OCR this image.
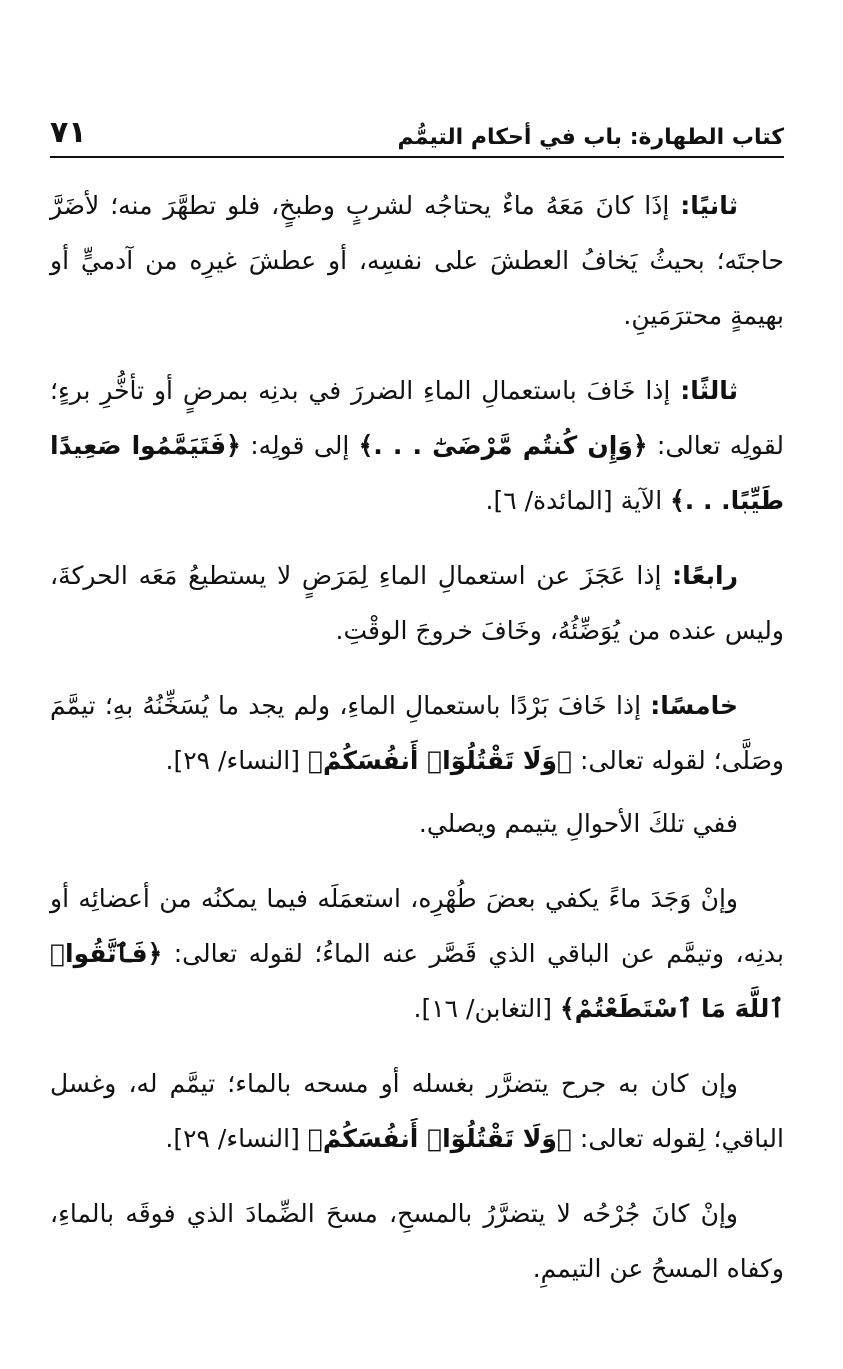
كتاب الطهارة: باب في أحكام التيمُّم
٧١

ثانيًا: إذَا كانَ مَعَهُ ماءٌ يحتاجُه لشربٍ وطبخٍ، فلو تطهَّرَ منه؛ لأضَرَّ حاجتَه؛ بحيثُ يَخافُ العطشَ على نفسِه، أو عطشَ غيرِه من آدميٍّ أو بهيمةٍ محترَمَينِ.

ثالثًا: إذا خَافَ باستعمالِ الماءِ الضررَ في بدنِه بمرضٍ أو تأخُّرِ برءٍ؛ لقولِه تعالى: ﴿وَإِن كُنتُم مَّرْضَىٰٓ . . .﴾ إلى قولِه: ﴿فَتَيَمَّمُوا صَعِيدًا طَيِّبًا. . .﴾ الآية [المائدة/ ٦].

رابعًا: إذا عَجَزَ عن استعمالِ الماءِ لِمَرَضٍ لا يستطيعُ مَعَه الحركةَ، وليس عنده من يُوَضِّئُهُ، وخَافَ خروجَ الوقْتِ.

خامسًا: إذا خَافَ بَرْدًا باستعمالِ الماءِ، ولم يجد ما يُسَخِّنُهُ بهِ؛ تيمَّمَ وصَلَّى؛ لقوله تعالى: ﴿وَلَا تَقْتُلُوٓا۟ أَنفُسَكُمْ﴾ [النساء/ ٢٩].

ففي تلكَ الأحوالِ يتيمم ويصلي.

وإنْ وَجَدَ ماءً يكفي بعضَ طُهْرِه، استعمَلَه فيما يمكنُه من أعضائِه أو بدنِه، وتيمَّم عن الباقي الذي قَصَّر عنه الماءُ؛ لقوله تعالى: ﴿فَٱتَّقُوا۟ ٱللَّهَ مَا ٱسْتَطَعْتُمْ﴾ [التغابن/ ١٦].

وإن كان به جرح يتضرَّر بغسله أو مسحه بالماء؛ تيمَّم له، وغسل الباقي؛ لِقوله تعالى: ﴿وَلَا تَقْتُلُوٓا۟ أَنفُسَكُمْ﴾ [النساء/ ٢٩].

وإنْ كانَ جُرْحُه لا يتضرَّرُ بالمسحِ، مسحَ الضِّمادَ الذي فوقَه بالماءِ، وكفاه المسحُ عن التيممِ.
